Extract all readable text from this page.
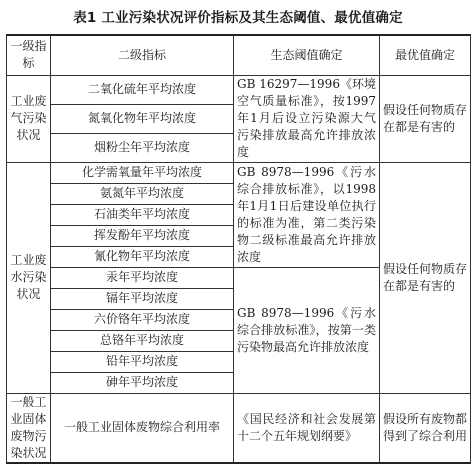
表1 工业污染状况评价指标及其生态阈值、最优值确定
一级指标	二级指标	生态阈值确定	最优值确定
工业废气污染状况	二氧化硫年平均浓度	GB 16297—1996《环境空气质量标准》，按1997年1月后设立污染源大气污染排放最高允许排放浓度	假设任何物质存在都是有害的
	氮氧化物年平均浓度		
	烟粉尘年平均浓度		
工业废水污染状况	化学需氧量年平均浓度	GB 8978—1996《污水综合排放标准》，以1998年1月1日后建设单位执行的标准为准，第二类污染物二级标准最高允许排放浓度	假设任何物质存在都是有害的
	氨氮年平均浓度		
	石油类年平均浓度		
	挥发酚年平均浓度		
	氰化物年平均浓度		
	汞年平均浓度	GB 8978—1996《污水综合排放标准》，按第一类污染物最高允许排放浓度	
	镉年平均浓度		
	六价铬年平均浓度		
	总铬年平均浓度		
	铅年平均浓度		
	砷年平均浓度		
一般工业固体废物污染状况	一般工业固体废物综合利用率	《国民经济和社会发展第十二个五年规划纲要》	假设所有废物都得到了综合利用
